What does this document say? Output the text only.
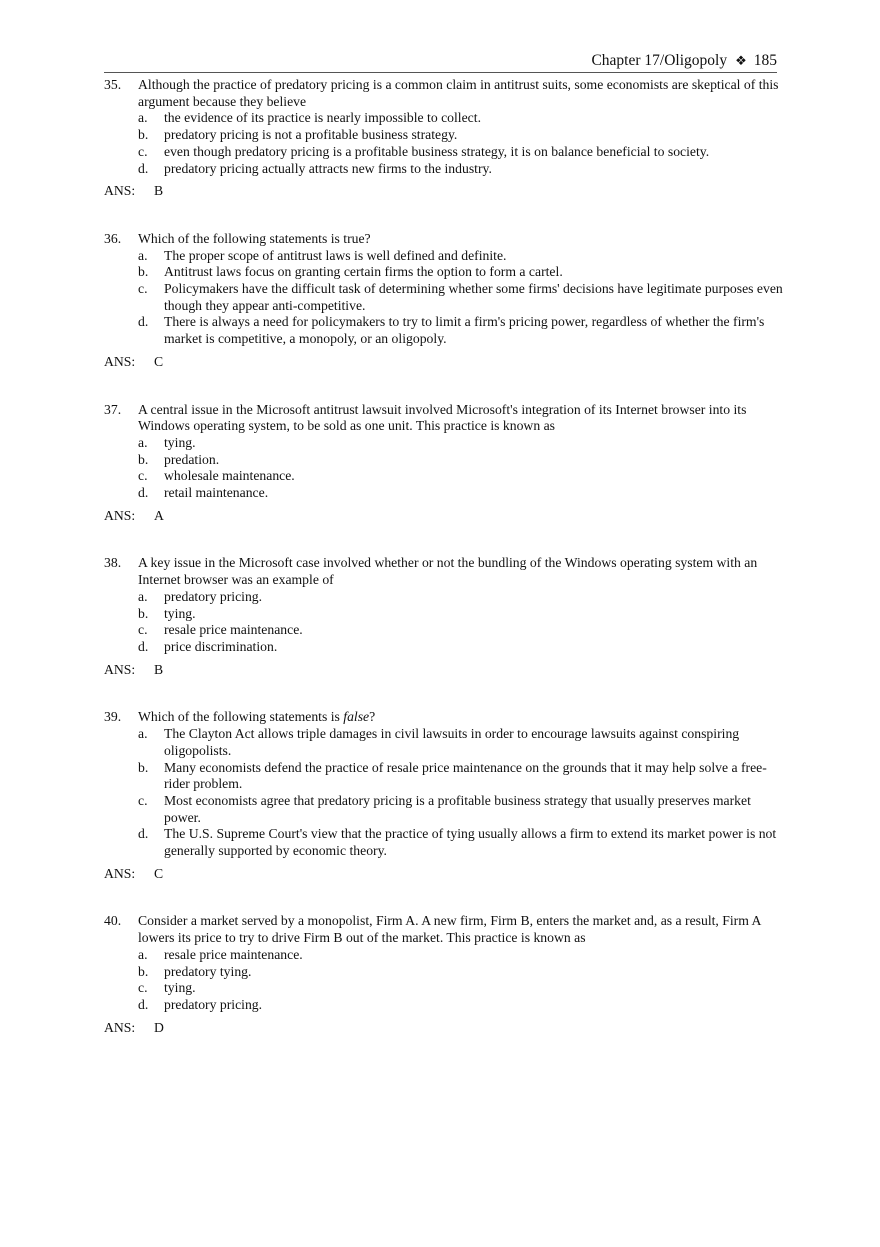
Chapter 17/Oligopoly ❖ 185
35.	Although the practice of predatory pricing is a common claim in antitrust suits, some economists are skeptical of this argument because they believe
a.	the evidence of its practice is nearly impossible to collect.
b.	predatory pricing is not a profitable business strategy.
c.	even though predatory pricing is a profitable business strategy, it is on balance beneficial to society.
d.	predatory pricing actually attracts new firms to the industry.
ANS:	B
36.	Which of the following statements is true?
a.	The proper scope of antitrust laws is well defined and definite.
b.	Antitrust laws focus on granting certain firms the option to form a cartel.
c.	Policymakers have the difficult task of determining whether some firms' decisions have legitimate purposes even though they appear anti-competitive.
d.	There is always a need for policymakers to try to limit a firm's pricing power, regardless of whether the firm's market is competitive, a monopoly, or an oligopoly.
ANS:	C
37.	A central issue in the Microsoft antitrust lawsuit involved Microsoft's integration of its Internet browser into its Windows operating system, to be sold as one unit. This practice is known as
a.	tying.
b.	predation.
c.	wholesale maintenance.
d.	retail maintenance.
ANS:	A
38.	A key issue in the Microsoft case involved whether or not the bundling of the Windows operating system with an Internet browser was an example of
a.	predatory pricing.
b.	tying.
c.	resale price maintenance.
d.	price discrimination.
ANS:	B
39.	Which of the following statements is false?
a.	The Clayton Act allows triple damages in civil lawsuits in order to encourage lawsuits against conspiring oligopolists.
b.	Many economists defend the practice of resale price maintenance on the grounds that it may help solve a free-rider problem.
c.	Most economists agree that predatory pricing is a profitable business strategy that usually preserves market power.
d.	The U.S. Supreme Court's view that the practice of tying usually allows a firm to extend its market power is not generally supported by economic theory.
ANS:	C
40.	Consider a market served by a monopolist, Firm A. A new firm, Firm B, enters the market and, as a result, Firm A lowers its price to try to drive Firm B out of the market. This practice is known as
a.	resale price maintenance.
b.	predatory tying.
c.	tying.
d.	predatory pricing.
ANS:	D
